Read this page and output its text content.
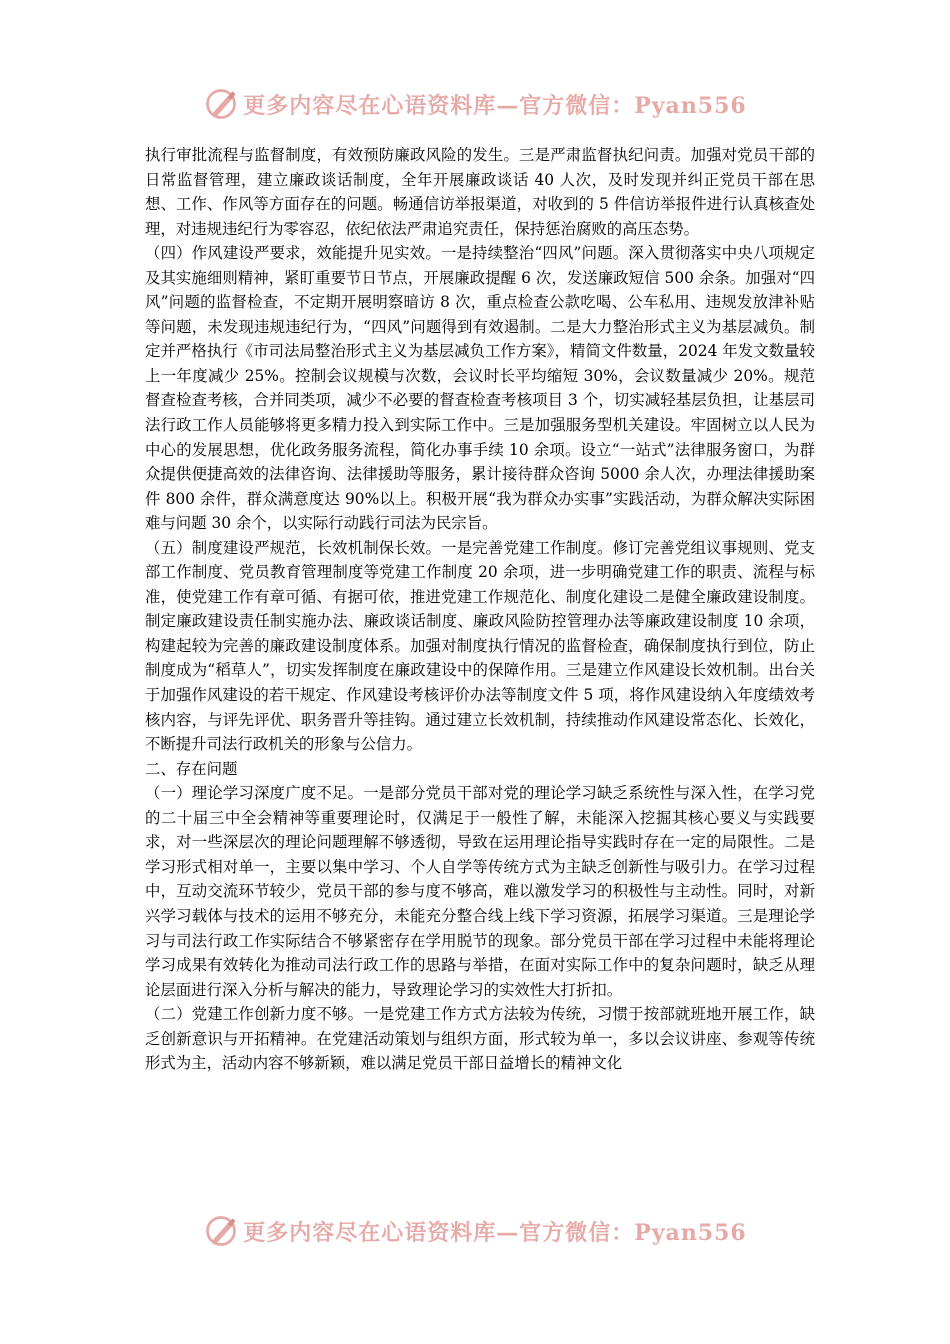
更多内容尽在心语资料库—官方微信：Pyan556

执行审批流程与监督制度，有效预防廉政风险的发生。三是严肃监督执纪问责。加强对党员干部的日常监督管理，建立廉政谈话制度，全年开展廉政谈话 40 人次，及时发现并纠正党员干部在思想、工作、作风等方面存在的问题。畅通信访举报渠道，对收到的 5 件信访举报件进行认真核查处理，对违规违纪行为零容忍，依纪依法严肃追究责任，保持惩治腐败的高压态势。

（四）作风建设严要求，效能提升见实效。一是持续整治“四风”问题。深入贯彻落实中央八项规定及其实施细则精神，紧盯重要节日节点，开展廉政提醒 6 次，发送廉政短信 500 余条。加强对“四风”问题的监督检查，不定期开展明察暗访 8 次，重点检查公款吃喝、公车私用、违规发放津补贴等问题，未发现违规违纪行为，“四风”问题得到有效遏制。二是大力整治形式主义为基层减负。制定并严格执行《市司法局整治形式主义为基层减负工作方案》，精简文件数量，2024 年发文数量较上一年度减少 25%。控制会议规模与次数，会议时长平均缩短 30%，会议数量减少 20%。规范督查检查考核，合并同类项，减少不必要的督查检查考核项目 3 个，切实减轻基层负担，让基层司法行政工作人员能够将更多精力投入到实际工作中。三是加强服务型机关建设。牢固树立以人民为中心的发展思想，优化政务服务流程，简化办事手续 10 余项。设立“一站式”法律服务窗口，为群众提供便捷高效的法律咨询、法律援助等服务，累计接待群众咨询 5000 余人次，办理法律援助案件 800 余件，群众满意度达 90%以上。积极开展“我为群众办实事”实践活动，为群众解决实际困难与问题 30 余个，以实际行动践行司法为民宗旨。

（五）制度建设严规范，长效机制保长效。一是完善党建工作制度。修订完善党组议事规则、党支部工作制度、党员教育管理制度等党建工作制度 20 余项，进一步明确党建工作的职责、流程与标准，使党建工作有章可循、有据可依，推进党建工作规范化、制度化建设二是健全廉政建设制度。制定廉政建设责任制实施办法、廉政谈话制度、廉政风险防控管理办法等廉政建设制度 10 余项，构建起较为完善的廉政建设制度体系。加强对制度执行情况的监督检查，确保制度执行到位，防止制度成为“稻草人”，切实发挥制度在廉政建设中的保障作用。三是建立作风建设长效机制。出台关于加强作风建设的若干规定、作风建设考核评价办法等制度文件 5 项，将作风建设纳入年度绩效考核内容，与评先评优、职务晋升等挂钩。通过建立长效机制，持续推动作风建设常态化、长效化，不断提升司法行政机关的形象与公信力。

二、存在问题

（一）理论学习深度广度不足。一是部分党员干部对党的理论学习缺乏系统性与深入性，在学习党的二十届三中全会精神等重要理论时，仅满足于一般性了解，未能深入挖掘其核心要义与实践要求，对一些深层次的理论问题理解不够透彻，导致在运用理论指导实践时存在一定的局限性。二是学习形式相对单一，主要以集中学习、个人自学等传统方式为主缺乏创新性与吸引力。在学习过程中，互动交流环节较少，党员干部的参与度不够高，难以激发学习的积极性与主动性。同时，对新兴学习载体与技术的运用不够充分，未能充分整合线上线下学习资源，拓展学习渠道。三是理论学习与司法行政工作实际结合不够紧密存在学用脱节的现象。部分党员干部在学习过程中未能将理论学习成果有效转化为推动司法行政工作的思路与举措，在面对实际工作中的复杂问题时，缺乏从理论层面进行深入分析与解决的能力，导致理论学习的实效性大打折扣。

（二）党建工作创新力度不够。一是党建工作方式方法较为传统，习惯于按部就班地开展工作，缺乏创新意识与开拓精神。在党建活动策划与组织方面，形式较为单一，多以会议讲座、参观等传统形式为主，活动内容不够新颖，难以满足党员干部日益增长的精神文化

更多内容尽在心语资料库—官方微信：Pyan556
